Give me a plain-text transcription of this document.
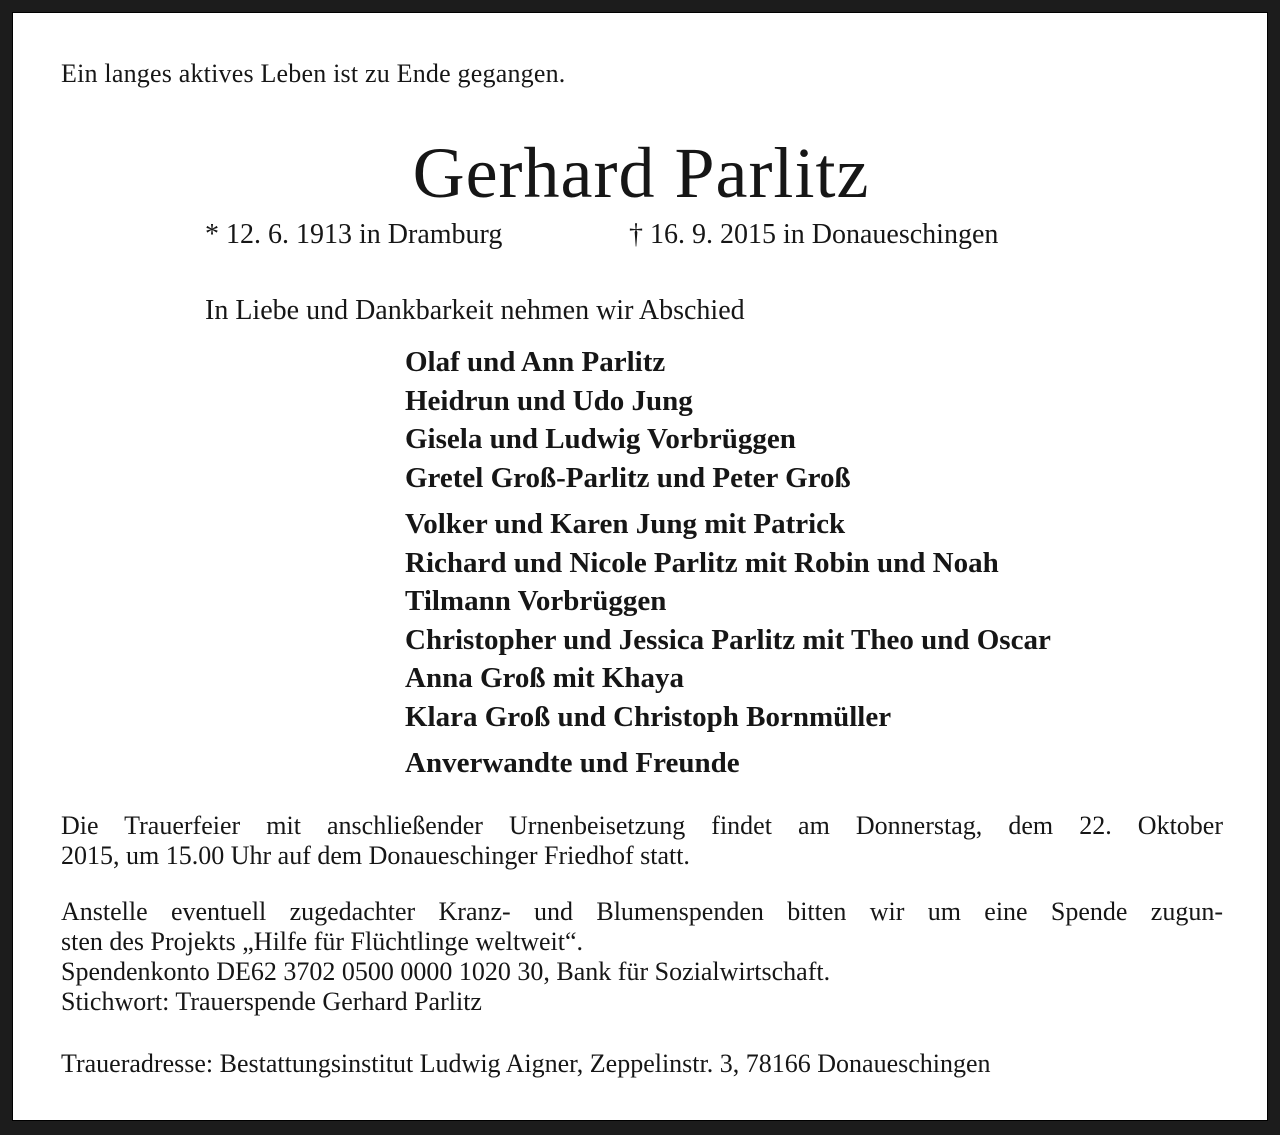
Ein langes aktives Leben ist zu Ende gegangen.
Gerhard Parlitz
* 12. 6. 1913 in Dramburg	† 16. 9. 2015 in Donaueschingen
In Liebe und Dankbarkeit nehmen wir Abschied
Olaf und Ann Parlitz
Heidrun und Udo Jung
Gisela und Ludwig Vorbrüggen
Gretel Groß-Parlitz und Peter Groß
Volker und Karen Jung mit Patrick
Richard und Nicole Parlitz mit Robin und Noah
Tilmann Vorbrüggen
Christopher und Jessica Parlitz mit Theo und Oscar
Anna Groß mit Khaya
Klara Groß und Christoph Bornmüller
Anverwandte und Freunde
Die Trauerfeier mit anschließender Urnenbeisetzung findet am Donnerstag, dem 22. Oktober
2015, um 15.00 Uhr auf dem Donaueschinger Friedhof statt.
Anstelle eventuell zugedachter Kranz- und Blumenspenden bitten wir um eine Spende zugun-
sten des Projekts „Hilfe für Flüchtlinge weltweit“.
Spendenkonto DE62 3702 0500 0000 1020 30, Bank für Sozialwirtschaft.
Stichwort: Trauerspende Gerhard Parlitz
Traueradresse: Bestattungsinstitut Ludwig Aigner, Zeppelinstr. 3, 78166 Donaueschingen
